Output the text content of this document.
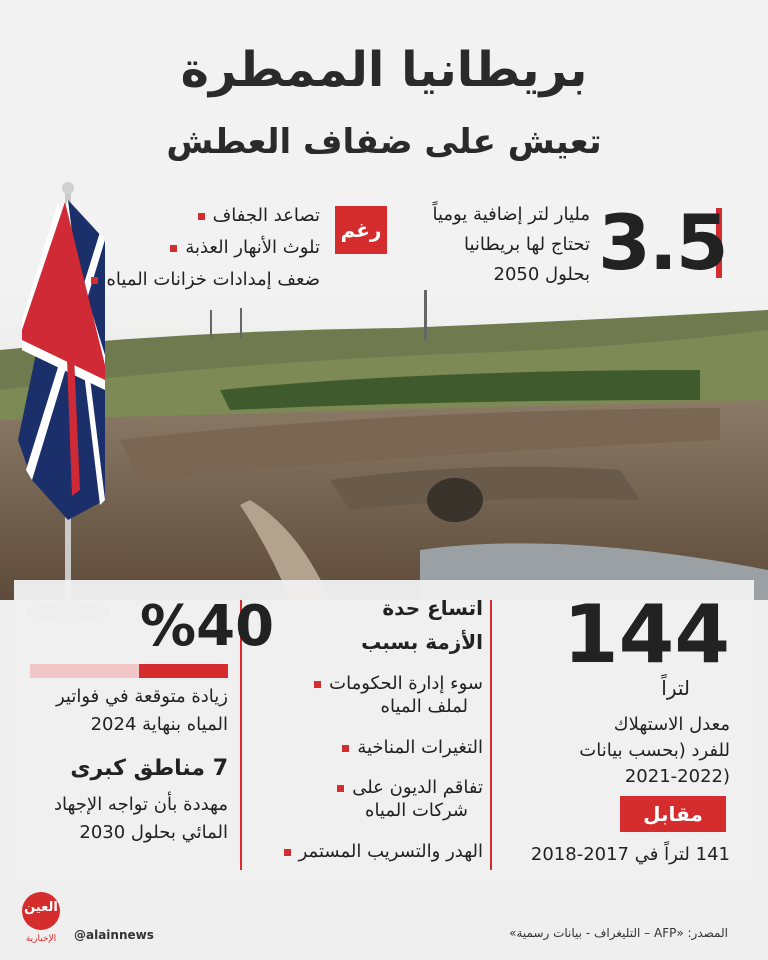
بريطانيا الممطرة
تعيش على ضفاف العطش
3.5
مليار لتر إضافية يومياً
تحتاج لها بريطانيا
بحلول 2050
رغم
تصاعد الجفاف
تلوث الأنهار العذبة
ضعف إمدادات خزانات المياه
144
لتراً
معدل الاستهلاك
للفرد (بحسب بيانات
2021-2022)
مقابل
141 لتراً في 2017-2018
اتساع حدة
الأزمة بسبب
سوء إدارة الحكومات
لملف المياه
التغيرات المناخية
تفاقم الديون على
شركات المياه
الهدر والتسريب المستمر
%40
زيادة متوقعة في فواتير
المياه بنهاية 2024
7 مناطق كبرى
مهددة بأن تواجه الإجهاد
المائي بحلول 2030
العين
الإخبارية	@alainnews	المصدر: «AFP – التليغراف - بيانات رسمية»
